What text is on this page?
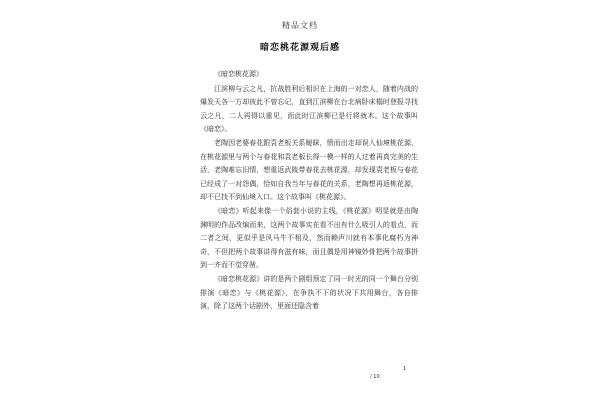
精品文档
暗恋桃花源观后感

《暗恋桃花源》

江滨柳与云之凡，抗战胜利后相识在上海的一对恋人，随着内战的爆发天各一方却彼此不曾忘记，直到江滨柳在台北病卧床榻时登报寻找云之凡，二人再得以重见，而此时江滨柳已是行将就木。这个故事叫《暗恋》。

老陶因老婆春花跟袁老板关系暧昧，愤而出走却误入仙境桃花源，在桃花源里与两个与春花和袁老板长得一模一样的人过着再真完美的生活，老陶难忘旧情，想重返武陵带春花去桃花源，却发现袁老板与春花已经成了一对怨偶，恰如自我当年与春花的关系，老陶想再返桃花源，却不已找不到仙境入口。这个故事叫《桃花源》。

《暗恋》听起来像一个俗套小说的主线，《桃花源》明显就是由陶渊明的作品改编而来，这两个故事实在看不出有什么吸引人的看点，而二者之间，更似乎是风马牛不相及，然而赖声川就有本事化腐朽为神奇，不但把两个故事讲得有滋有味，而且偶是用神镜妙骨把两个故事拼到一齐而不觉穿凿。

《暗恋桃花源》讲的是两个剧组预定了同一时光的同一个舞台分别排演《暗恋》与《桃花源》，在争执不下的状况下共用舞台，各自排演，除了这两个话剧外，里面还隐含着

/ 10
1
